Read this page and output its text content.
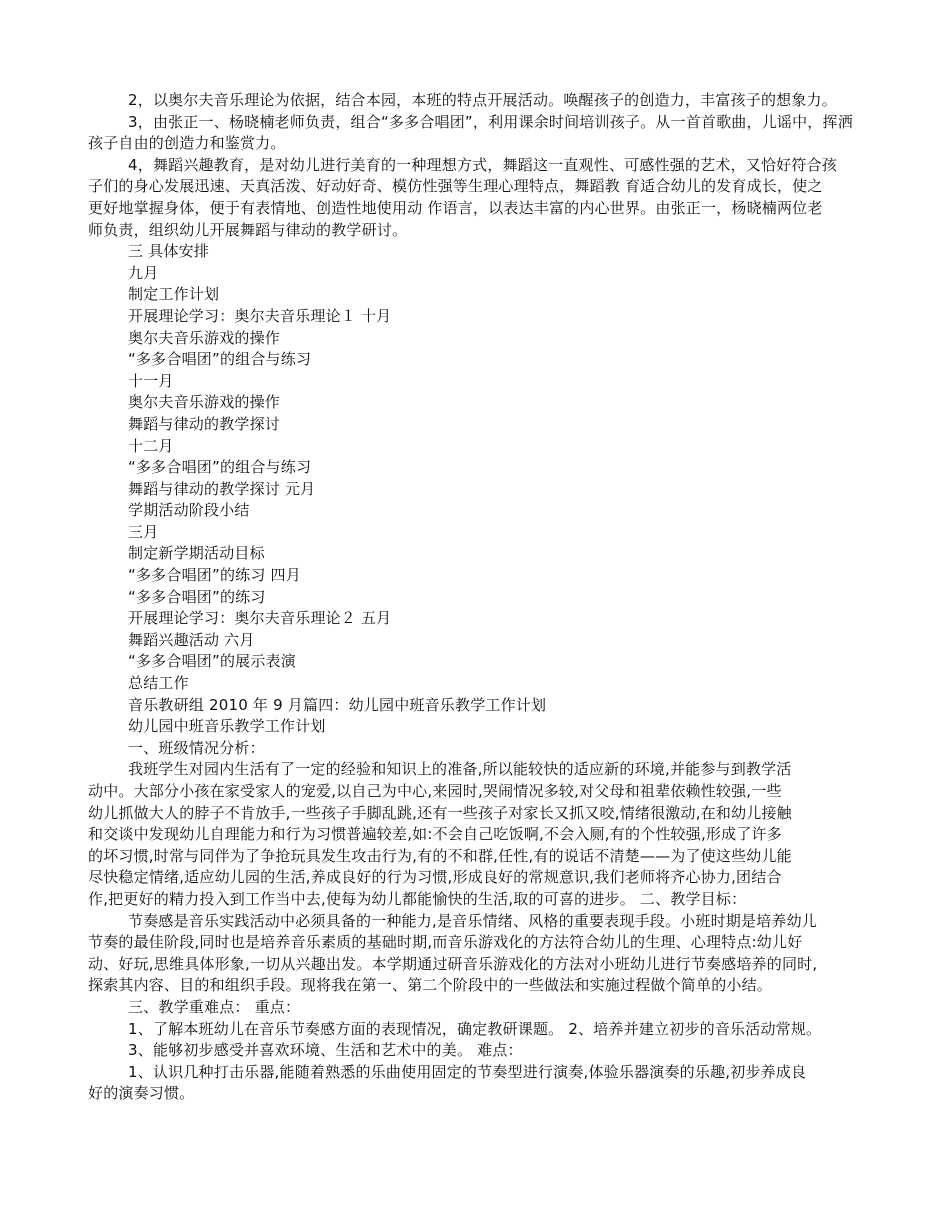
2，以奥尔夫音乐理论为依据，结合本园，本班的特点开展活动。唤醒孩子的创造力，丰富孩子的想象力。
3，由张正一、杨晓楠老师负责，组合“多多合唱团”，利用课余时间培训孩子。从一首首歌曲，儿谣中，挥洒
孩子自由的创造力和鉴赏力。
4，舞蹈兴趣教育，是对幼儿进行美育的一种理想方式，舞蹈这一直观性、可感性强的艺术，又恰好符合孩
子们的身心发展迅速、天真活泼、好动好奇、模仿性强等生理心理特点，舞蹈教 育适合幼儿的发育成长，使之
更好地掌握身体，便于有表情地、创造性地使用动 作语言，以表达丰富的内心世界。由张正一，杨晓楠两位老
师负责，组织幼儿开展舞蹈与律动的教学研讨。
三 具体安排
九月
制定工作计划
开展理论学习：奥尔夫音乐理论１ 十月
奥尔夫音乐游戏的操作
“多多合唱团”的组合与练习
十一月
奥尔夫音乐游戏的操作
舞蹈与律动的教学探讨
十二月
“多多合唱团”的组合与练习
舞蹈与律动的教学探讨 元月
学期活动阶段小结
三月
制定新学期活动目标
“多多合唱团”的练习 四月
“多多合唱团”的练习
开展理论学习：奥尔夫音乐理论２ 五月
舞蹈兴趣活动 六月
“多多合唱团”的展示表演
总结工作
音乐教研组 2010 年 9 月篇四：幼儿园中班音乐教学工作计划
幼儿园中班音乐教学工作计划
一、班级情况分析：
我班学生对园内生活有了一定的经验和知识上的准备,所以能较快的适应新的环境,并能参与到教学活
动中。大部分小孩在家受家人的宠爱,以自己为中心,来园时,哭闹情况多较,对父母和祖辈依赖性较强,一些
幼儿抓做大人的脖子不肯放手,一些孩子手脚乱跳,还有一些孩子对家长又抓又咬,情绪很激动,在和幼儿接触
和交谈中发现幼儿自理能力和行为习惯普遍较差,如:不会自己吃饭啊,不会入厕,有的个性较强,形成了许多
的坏习惯,时常与同伴为了争抢玩具发生攻击行为,有的不和群,任性,有的说话不清楚——为了使这些幼儿能
尽快稳定情绪,适应幼儿园的生活,养成良好的行为习惯,形成良好的常规意识,我们老师将齐心协力,团结合
作,把更好的精力投入到工作当中去,使每为幼儿都能愉快的生活,取的可喜的进步。 二、教学目标：
节奏感是音乐实践活动中必须具备的一种能力,是音乐情绪、风格的重要表现手段。小班时期是培养幼儿
节奏的最佳阶段,同时也是培养音乐素质的基础时期,而音乐游戏化的方法符合幼儿的生理、心理特点:幼儿好
动、好玩,思维具体形象,一切从兴趣出发。本学期通过研音乐游戏化的方法对小班幼儿进行节奏感培养的同时,
探索其内容、目的和组织手段。现将我在第一、第二个阶段中的一些做法和实施过程做个简单的小结。
三、教学重难点： 重点：
1、了解本班幼儿在音乐节奏感方面的表现情况，确定教研课题。 2、培养并建立初步的音乐活动常规。
3、能够初步感受并喜欢环境、生活和艺术中的美。 难点：
1、认识几种打击乐器,能随着熟悉的乐曲使用固定的节奏型进行演奏,体验乐器演奏的乐趣,初步养成良
好的演奏习惯。
